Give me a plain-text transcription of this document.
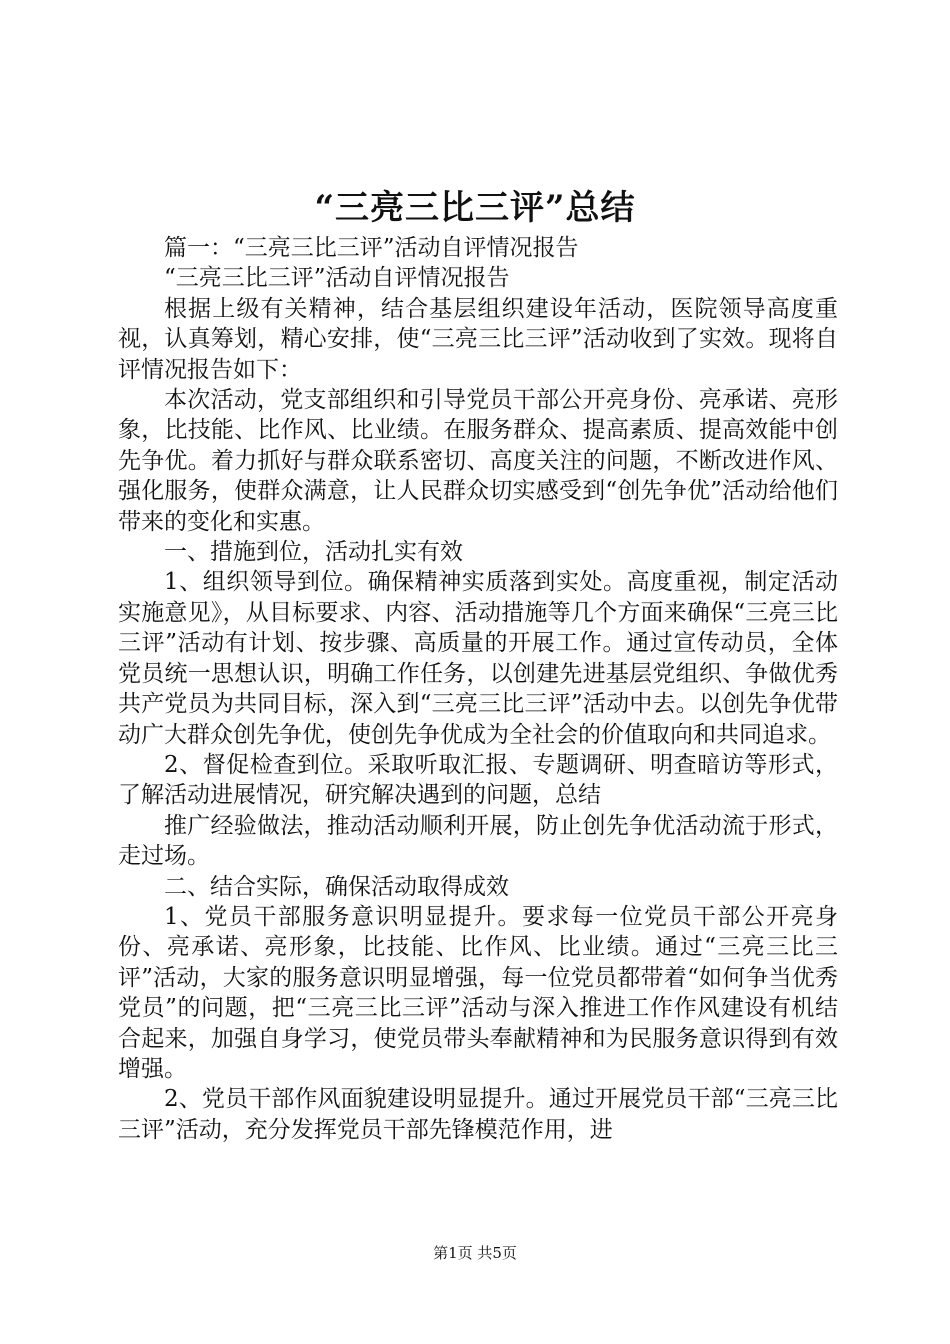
“三亮三比三评”总结

篇一：“三亮三比三评”活动自评情况报告

“三亮三比三评”活动自评情况报告

根据上级有关精神，结合基层组织建设年活动，医院领导高度重视，认真筹划，精心安排，使“三亮三比三评”活动收到了实效。现将自评情况报告如下：

本次活动，党支部组织和引导党员干部公开亮身份、亮承诺、亮形象，比技能、比作风、比业绩。在服务群众、提高素质、提高效能中创先争优。着力抓好与群众联系密切、高度关注的问题，不断改进作风、强化服务，使群众满意，让人民群众切实感受到“创先争优”活动给他们带来的变化和实惠。

一、措施到位，活动扎实有效

1、组织领导到位。确保精神实质落到实处。高度重视，制定活动实施意见》，从目标要求、内容、活动措施等几个方面来确保“三亮三比三评”活动有计划、按步骤、高质量的开展工作。通过宣传动员，全体党员统一思想认识，明确工作任务，以创建先进基层党组织、争做优秀共产党员为共同目标，深入到“三亮三比三评”活动中去。以创先争优带动广大群众创先争优，使创先争优成为全社会的价值取向和共同追求。

2、督促检查到位。采取听取汇报、专题调研、明查暗访等形式，了解活动进展情况，研究解决遇到的问题，总结

推广经验做法，推动活动顺利开展，防止创先争优活动流于形式，走过场。

二、结合实际，确保活动取得成效

1、党员干部服务意识明显提升。要求每一位党员干部公开亮身份、亮承诺、亮形象，比技能、比作风、比业绩。通过“三亮三比三评”活动，大家的服务意识明显增强，每一位党员都带着“如何争当优秀党员”的问题，把“三亮三比三评”活动与深入推进工作作风建设有机结合起来，加强自身学习，使党员带头奉献精神和为民服务意识得到有效增强。

2、党员干部作风面貌建设明显提升。通过开展党员干部“三亮三比三评”活动，充分发挥党员干部先锋模范作用，进

第1页 共5页
